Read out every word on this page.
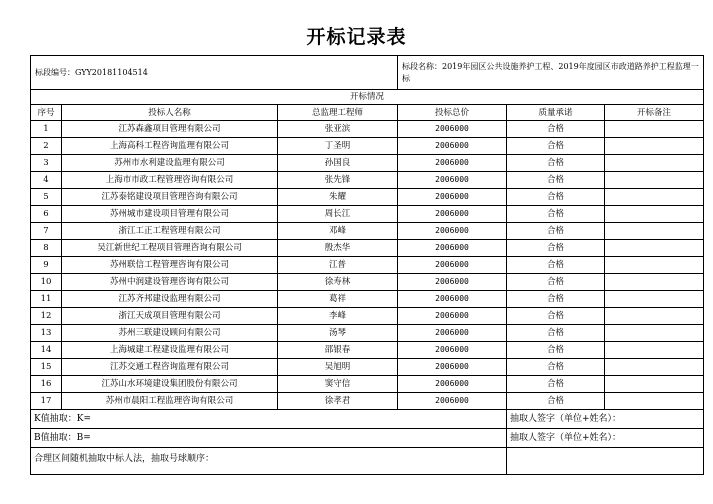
开标记录表
标段编号：GYY20181104514			标段名称：2019年园区公共设施养护工程、2019年度园区市政道路养护工程监理一标		
开标情况					
序号	投标人名称	总监理工程师	投标总价	质量承诺	开标备注
1	江苏森鑫项目管理有限公司	张亚滨	2006000	合格	
2	上海高科工程咨询监理有限公司	丁圣明	2006000	合格	
3	苏州市水利建设监理有限公司	孙国良	2006000	合格	
4	上海市市政工程管理咨询有限公司	张先锋	2006000	合格	
5	江苏泰铭建设项目管理咨询有限公司	朱耀	2006000	合格	
6	苏州城市建设项目管理有限公司	周长江	2006000	合格	
7	浙江工正工程管理有限公司	邓峰	2006000	合格	
8	吴江新世纪工程项目管理咨询有限公司	殷杰华	2006000	合格	
9	苏州联信工程管理咨询有限公司	江普	2006000	合格	
10	苏州中润建设管理咨询有限公司	徐寿林	2006000	合格	
11	江苏齐邦建设监理有限公司	葛祥	2006000	合格	
12	浙江天成项目管理有限公司	李峰	2006000	合格	
13	苏州三联建设顾问有限公司	汤琴	2006000	合格	
14	上海城建工程建设监理有限公司	邵银春	2006000	合格	
15	江苏交通工程咨询监理有限公司	吴旭明	2006000	合格	
16	江苏山水环境建设集团股份有限公司	窦守信	2006000	合格	
17	苏州市晨阳工程监理咨询有限公司	徐孝君	2006000	合格	
K值抽取：K=				抽取人签字（单位+姓名）：	
B值抽取：B=				抽取人签字（单位+姓名）：	
合理区间随机抽取中标人法，抽取号球顺序：					
